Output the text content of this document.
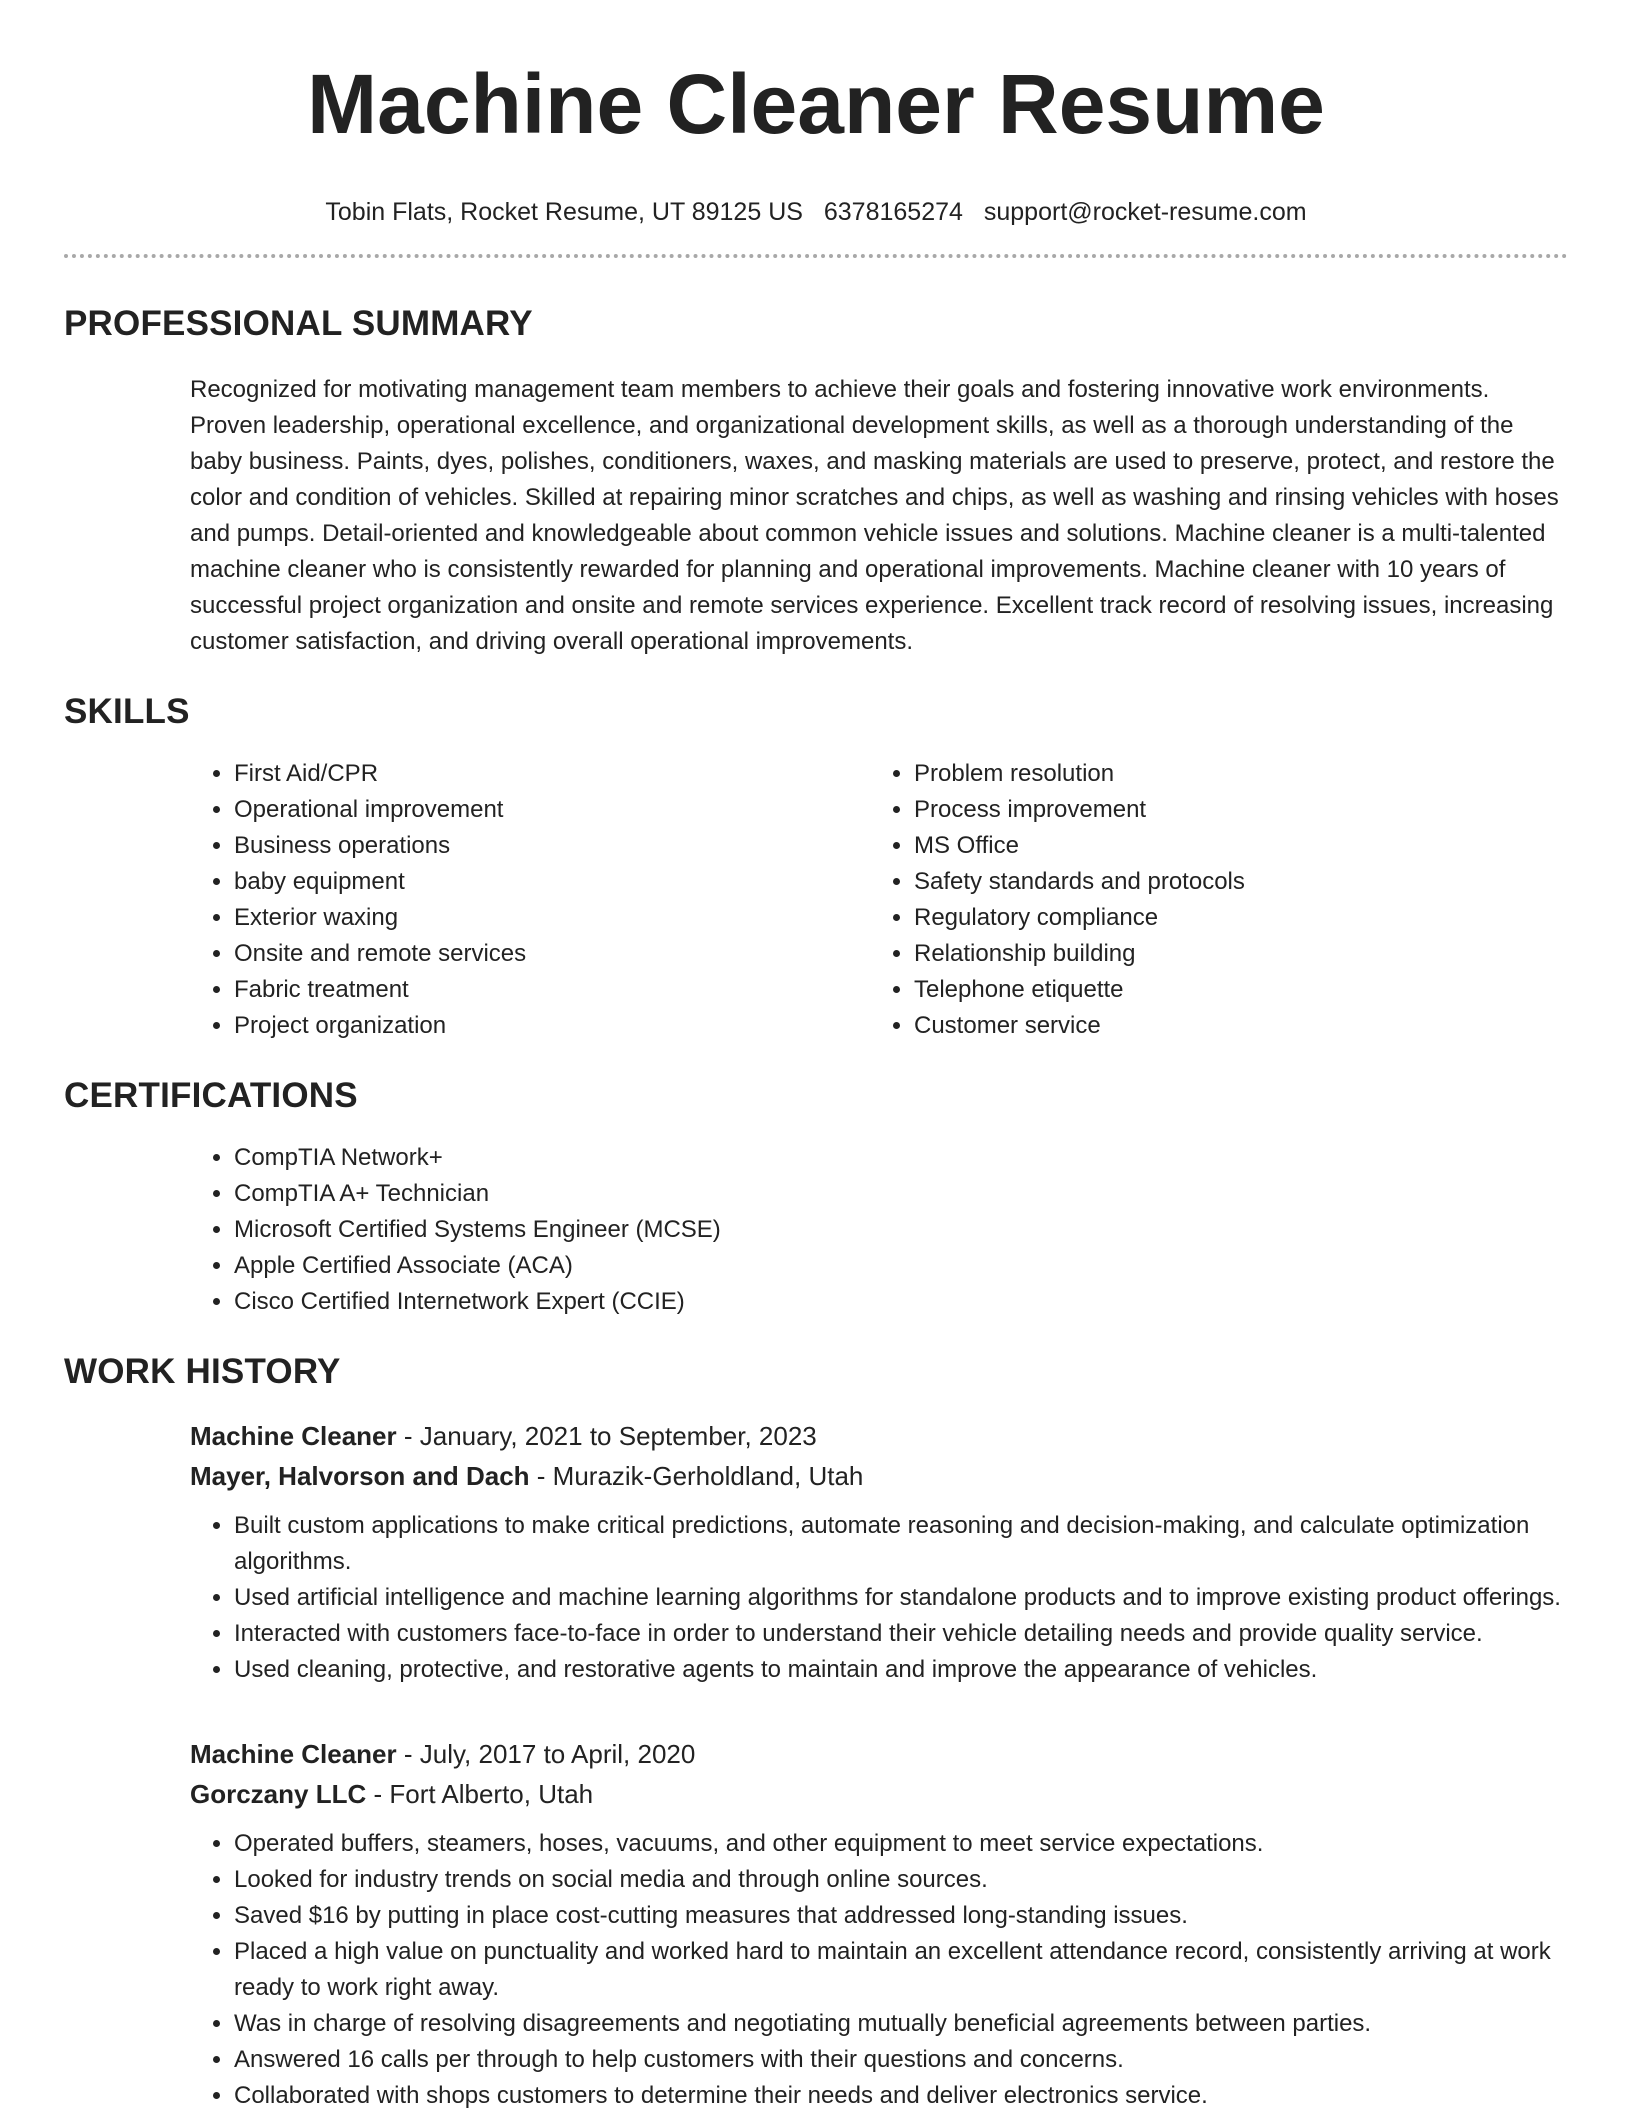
Machine Cleaner Resume
Tobin Flats, Rocket Resume, UT 89125 US 6378165274 support@rocket-resume.com
PROFESSIONAL SUMMARY

Recognized for motivating management team members to achieve their goals and fostering innovative work environments. Proven leadership, operational excellence, and organizational development skills, as well as a thorough understanding of the baby business. Paints, dyes, polishes, conditioners, waxes, and masking materials are used to preserve, protect, and restore the color and condition of vehicles. Skilled at repairing minor scratches and chips, as well as washing and rinsing vehicles with hoses and pumps. Detail-oriented and knowledgeable about common vehicle issues and solutions. Machine cleaner is a multi-talented machine cleaner who is consistently rewarded for planning and operational improvements. Machine cleaner with 10 years of successful project organization and onsite and remote services experience. Excellent track record of resolving issues, increasing customer satisfaction, and driving overall operational improvements.

SKILLS
• First Aid/CPR
• Operational improvement
• Business operations
• baby equipment
• Exterior waxing
• Onsite and remote services
• Fabric treatment
• Project organization
• Problem resolution
• Process improvement
• MS Office
• Safety standards and protocols
• Regulatory compliance
• Relationship building
• Telephone etiquette
• Customer service
CERTIFICATIONS
• CompTIA Network+
• CompTIA A+ Technician
• Microsoft Certified Systems Engineer (MCSE)
• Apple Certified Associate (ACA)
• Cisco Certified Internetwork Expert (CCIE)
WORK HISTORY
Machine Cleaner - January, 2021 to September, 2023
Mayer, Halvorson and Dach - Murazik-Gerholdland, Utah
• Built custom applications to make critical predictions, automate reasoning and decision-making, and calculate optimization algorithms.
• Used artificial intelligence and machine learning algorithms for standalone products and to improve existing product offerings.
• Interacted with customers face-to-face in order to understand their vehicle detailing needs and provide quality service.
• Used cleaning, protective, and restorative agents to maintain and improve the appearance of vehicles.
Machine Cleaner - July, 2017 to April, 2020
Gorczany LLC - Fort Alberto, Utah
• Operated buffers, steamers, hoses, vacuums, and other equipment to meet service expectations.
• Looked for industry trends on social media and through online sources.
• Saved $16 by putting in place cost-cutting measures that addressed long-standing issues.
• Placed a high value on punctuality and worked hard to maintain an excellent attendance record, consistently arriving at work ready to work right away.
• Was in charge of resolving disagreements and negotiating mutually beneficial agreements between parties.
• Answered 16 calls per through to help customers with their questions and concerns.
• Collaborated with shops customers to determine their needs and deliver electronics service.
